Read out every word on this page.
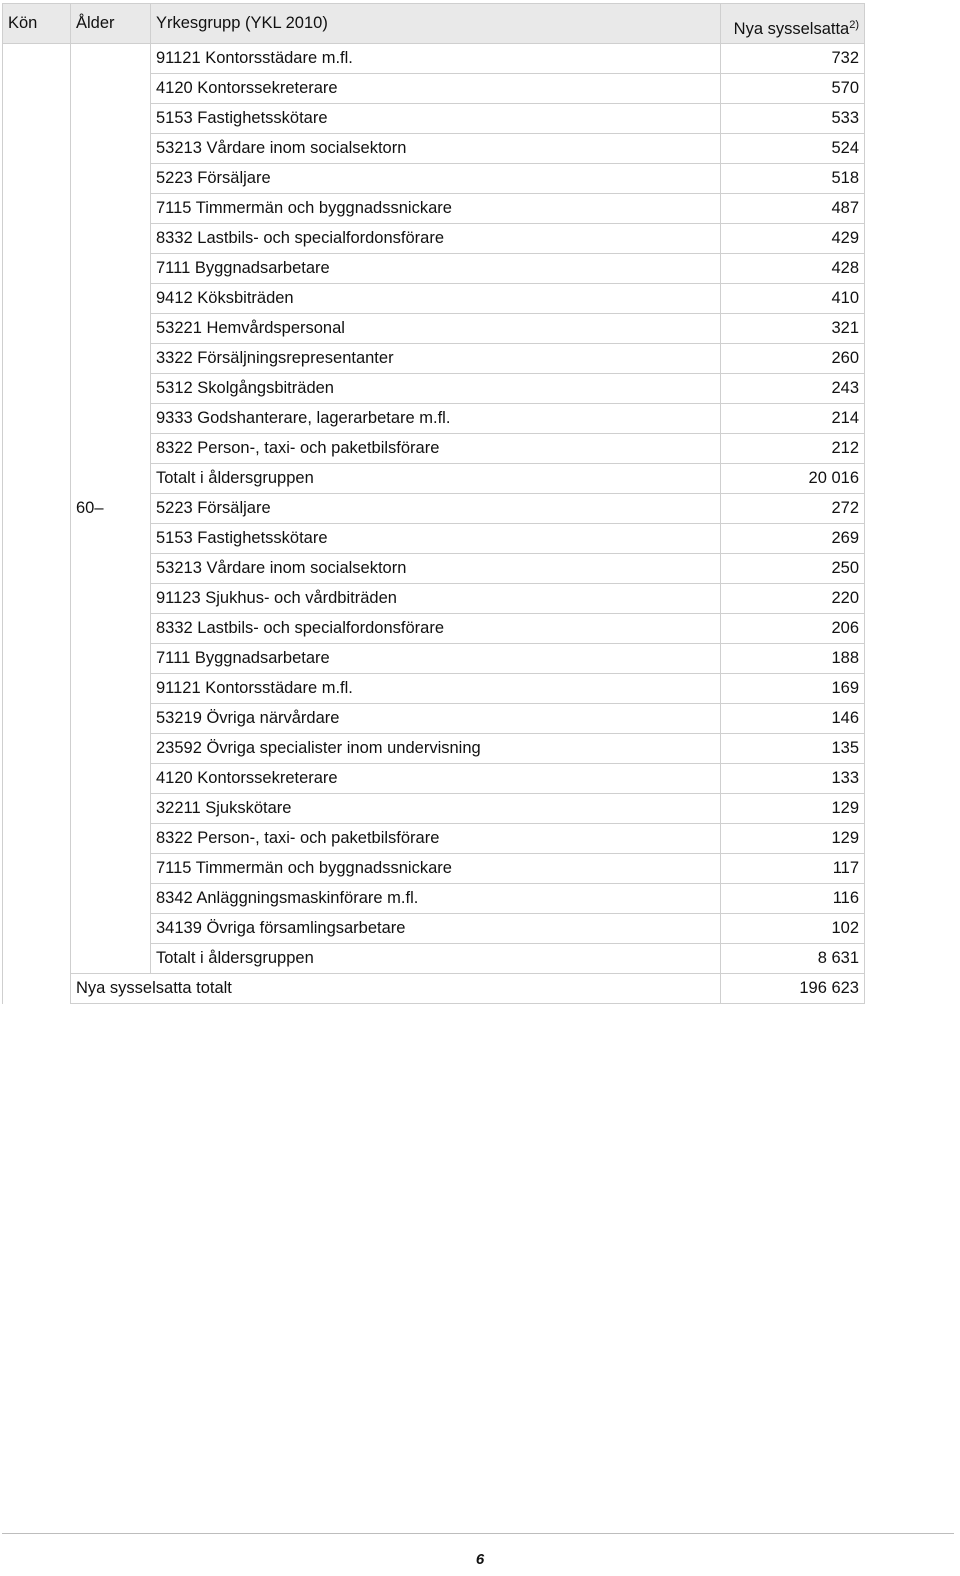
Kön	Ålder	Yrkesgrupp (YKL 2010)	Nya sysselsatta$^{2)}$
		91121 Kontorsstädare m.fl.	732
		4120 Kontorssekreterare	570
		5153 Fastighetsskötare	533
		53213 Vårdare inom socialsektorn	524
		5223 Försäljare	518
		7115 Timmermän och byggnadssnickare	487
		8332 Lastbils- och specialfordonsförare	429
		7111 Byggnadsarbetare	428
		9412 Köksbiträden	410
		53221 Hemvårdspersonal	321
		3322 Försäljningsrepresentanter	260
		5312 Skolgångsbiträden	243
		9333 Godshanterare, lagerarbetare m.fl.	214
		8322 Person-, taxi- och paketbilsförare	212
		Totalt i åldersgruppen	20 016
	60–	5223 Försäljare	272
		5153 Fastighetsskötare	269
		53213 Vårdare inom socialsektorn	250
		91123 Sjukhus- och vårdbiträden	220
		8332 Lastbils- och specialfordonsförare	206
		7111 Byggnadsarbetare	188
		91121 Kontorsstädare m.fl.	169
		53219 Övriga närvårdare	146
		23592 Övriga specialister inom undervisning	135
		4120 Kontorssekreterare	133
		32211 Sjukskötare	129
		8322 Person-, taxi- och paketbilsförare	129
		7115 Timmermän och byggnadssnickare	117
		8342 Anläggningsmaskinförare m.fl.	116
		34139 Övriga församlingsarbetare	102
		Totalt i åldersgruppen	8 631
	Nya sysselsatta totalt		196 623
6
